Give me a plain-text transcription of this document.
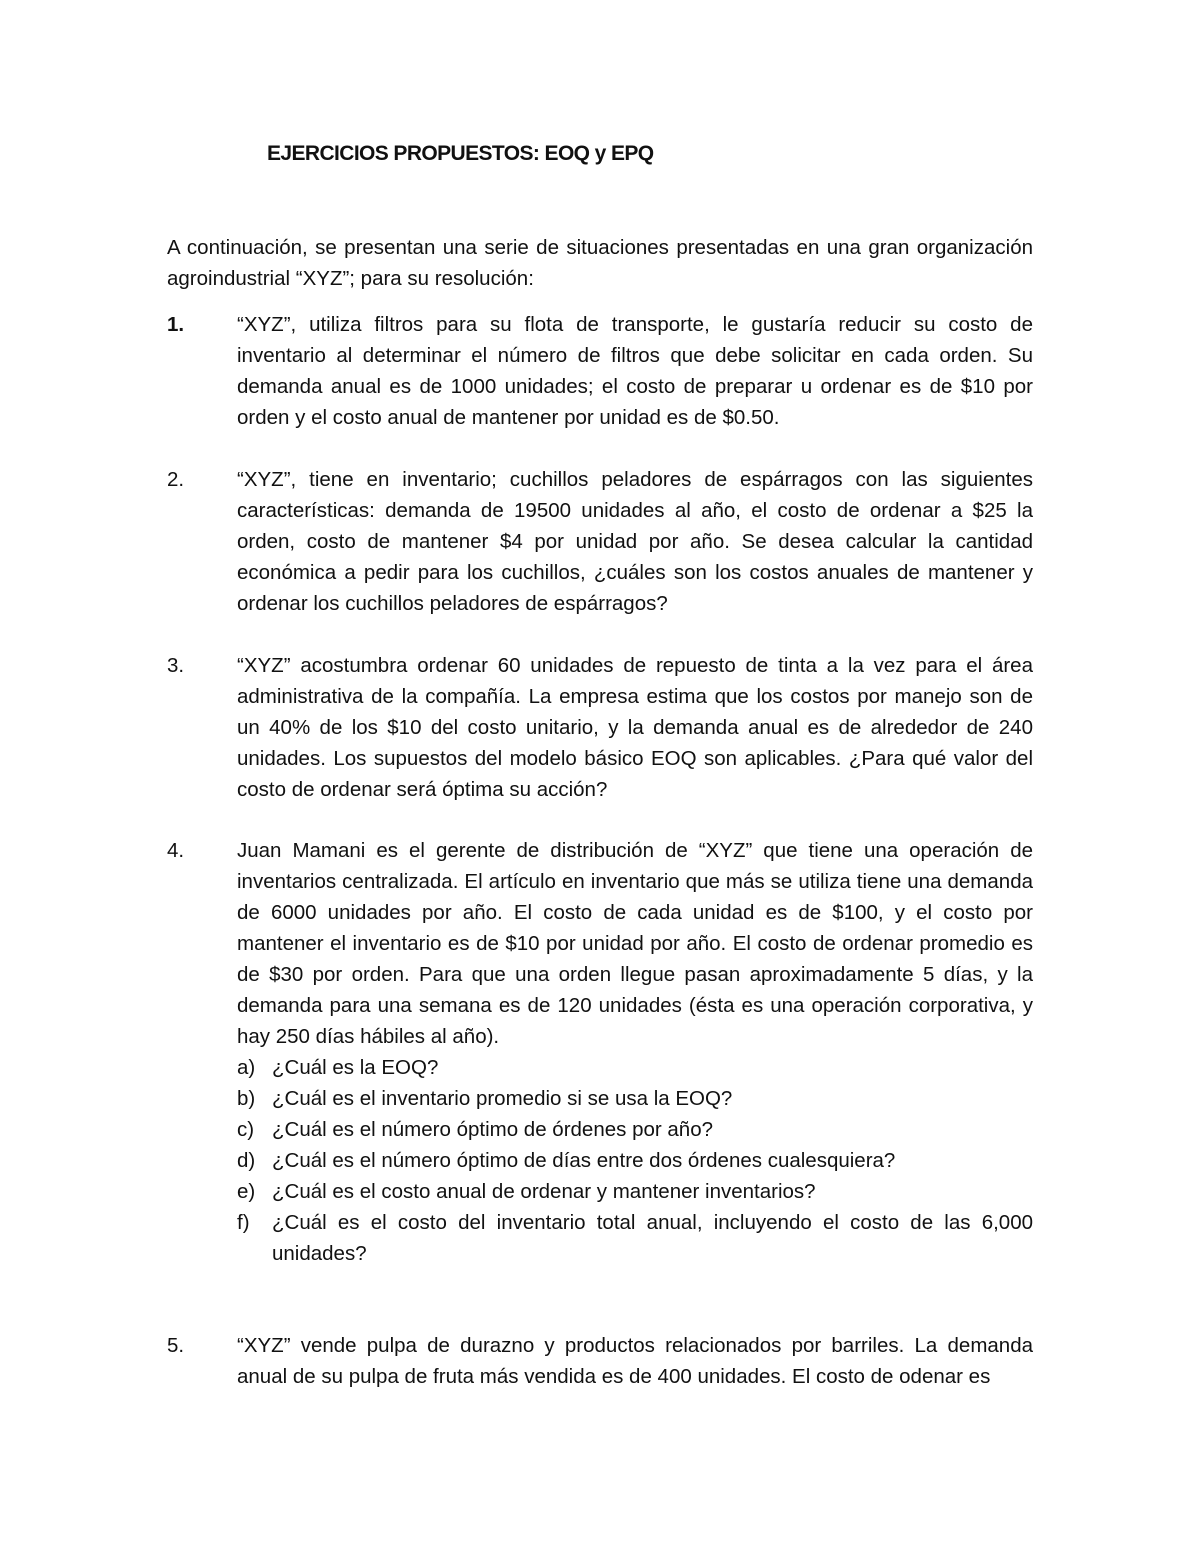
EJERCICIOS PROPUESTOS: EOQ y EPQ

A continuación, se presentan una serie de situaciones presentadas en una gran organización agroindustrial “XYZ”; para su resolución:

1.	“XYZ”, utiliza filtros para su flota de transporte, le gustaría reducir su costo de inventario al determinar el número de filtros que debe solicitar en cada orden. Su demanda anual es de 1000 unidades; el costo de preparar u ordenar es de $10 por orden y el costo anual de mantener por unidad es de $0.50.
2.	“XYZ”, tiene en inventario; cuchillos peladores de espárragos con las siguientes características: demanda de 19500 unidades al año, el costo de ordenar a $25 la orden, costo de mantener $4 por unidad por año. Se desea calcular la cantidad económica a pedir para los cuchillos, ¿cuáles son los costos anuales de mantener y ordenar los cuchillos peladores de espárragos?
3.	“XYZ” acostumbra ordenar 60 unidades de repuesto de tinta a la vez para el área administrativa de la compañía. La empresa estima que los costos por manejo son de un 40% de los $10 del costo unitario, y la demanda anual es de alrededor de 240 unidades. Los supuestos del modelo básico EOQ son aplicables. ¿Para qué valor del costo de ordenar será óptima su acción?
4.	Juan Mamani es el gerente de distribución de “XYZ” que tiene una operación de inventarios centralizada. El artículo en inventario que más se utiliza tiene una demanda de 6000 unidades por año. El costo de cada unidad es de $100, y el costo por mantener el inventario es de $10 por unidad por año. El costo de ordenar promedio es de $30 por orden. Para que una orden llegue pasan aproximadamente 5 días, y la demanda para una semana es de 120 unidades (ésta es una operación corporativa, y hay 250 días hábiles al año).
a) ¿Cuál es la EOQ?
b) ¿Cuál es el inventario promedio si se usa la EOQ?
c) ¿Cuál es el número óptimo de órdenes por año?
d) ¿Cuál es el número óptimo de días entre dos órdenes cualesquiera?
e) ¿Cuál es el costo anual de ordenar y mantener inventarios?
f) ¿Cuál es el costo del inventario total anual, incluyendo el costo de las 6,000 unidades?
5.	“XYZ” vende pulpa de durazno y productos relacionados por barriles. La demanda anual de su pulpa de fruta más vendida es de 400 unidades. El costo de odenar es
